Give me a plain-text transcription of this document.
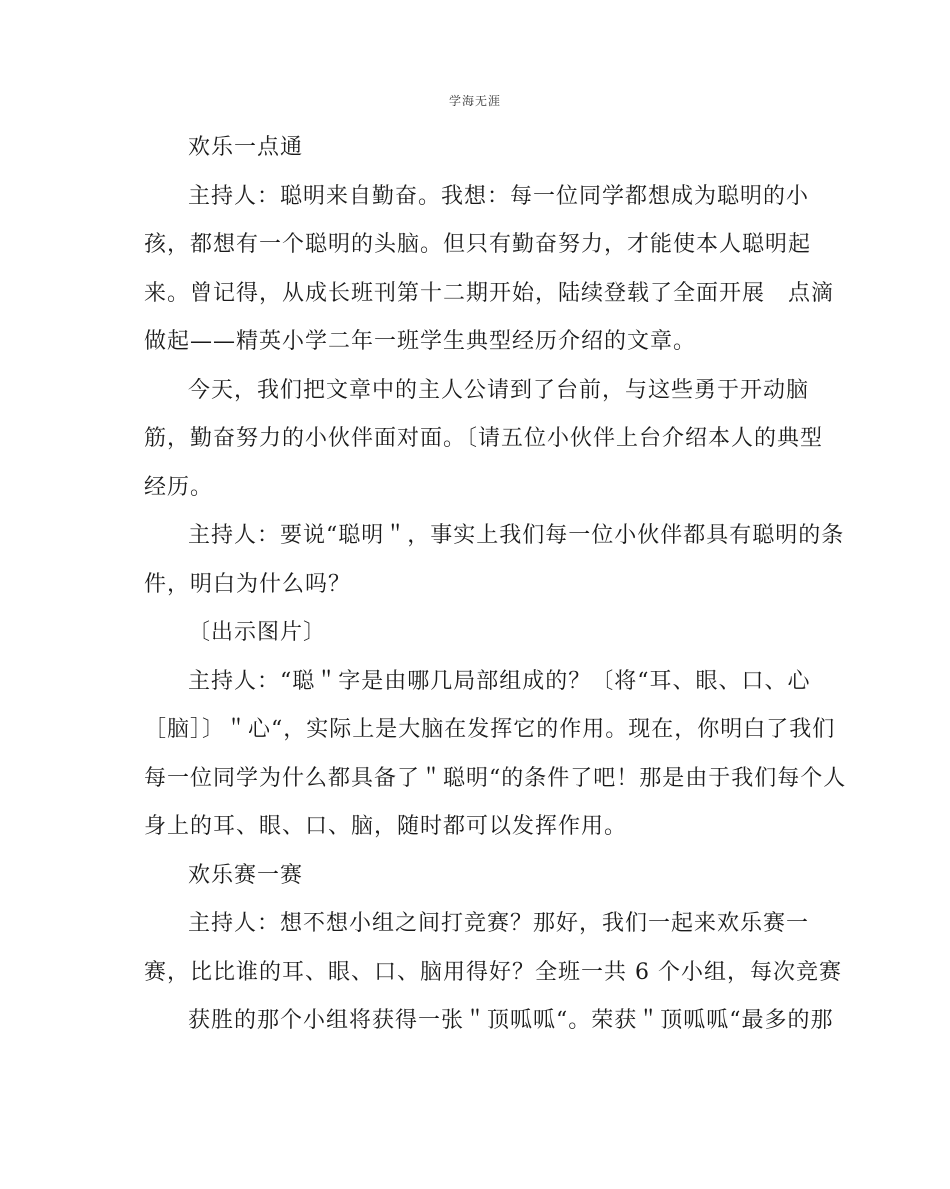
学海无涯
欢乐一点通
主持人：聪明来自勤奋。我想：每一位同学都想成为聪明的小
孩，都想有一个聪明的头脑。但只有勤奋努力，才能使本人聪明起
来。曾记得，从成长班刊第十二期开始，陆续登载了全面开展　点滴
做起——精英小学二年一班学生典型经历介绍的文章。
今天，我们把文章中的主人公请到了台前，与这些勇于开动脑
筋，勤奋努力的小伙伴面对面。〔请五位小伙伴上台介绍本人的典型
经历。
主持人：要说“聪明＂，事实上我们每一位小伙伴都具有聪明的条
件，明白为什么吗？
〔出示图片〕
主持人：“聪＂字是由哪几局部组成的？〔将“耳、眼、口、心
［脑］〕＂心“，实际上是大脑在发挥它的作用。现在，你明白了我们
每一位同学为什么都具备了＂聪明“的条件了吧！那是由于我们每个人
身上的耳、眼、口、脑，随时都可以发挥作用。
欢乐赛一赛
主持人：想不想小组之间打竞赛？那好，我们一起来欢乐赛一
赛，比比谁的耳、眼、口、脑用得好？全班一共 6 个小组，每次竞赛
获胜的那个小组将获得一张＂顶呱呱“。荣获＂顶呱呱“最多的那
